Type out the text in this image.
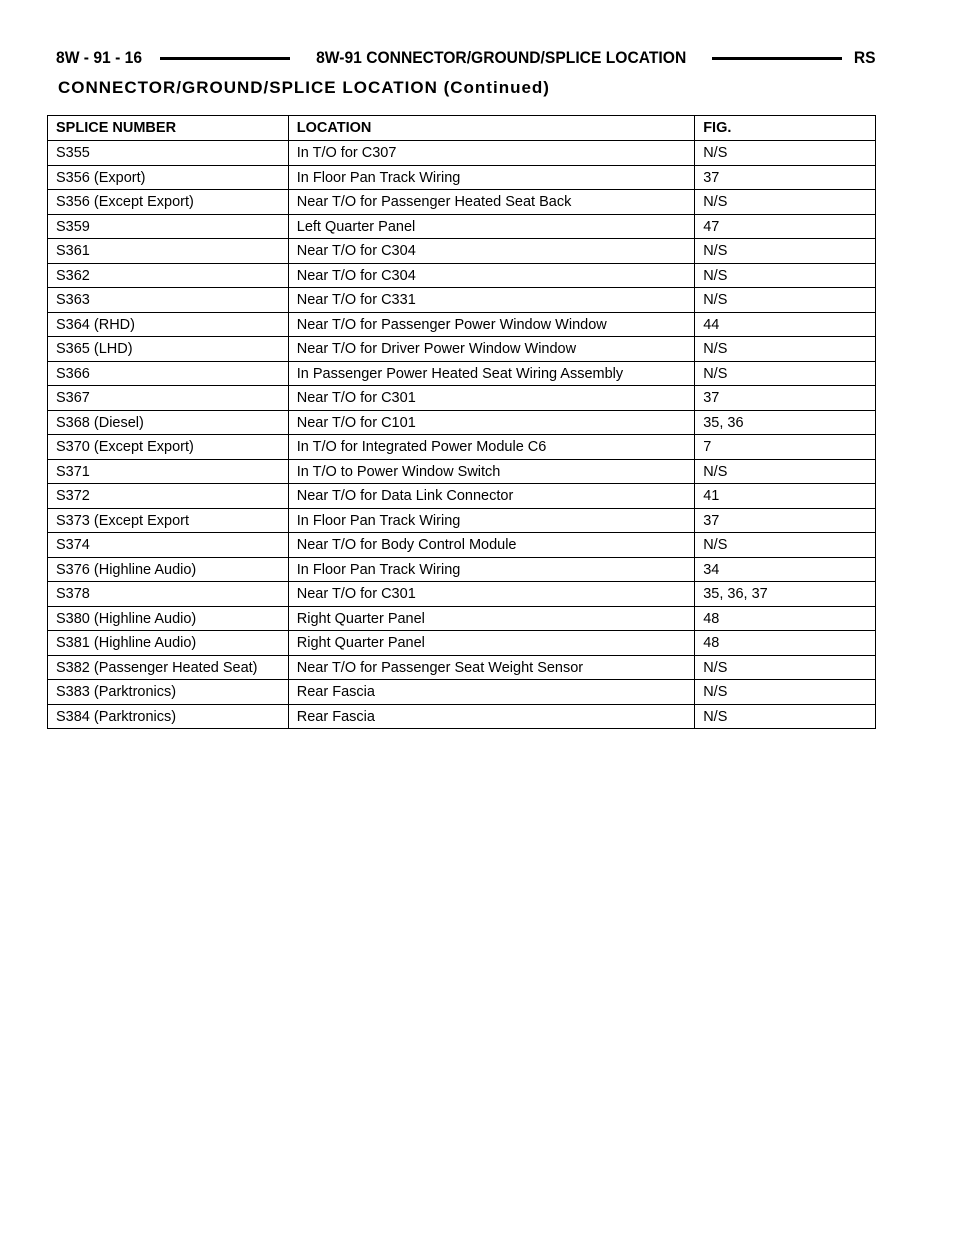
8W - 91 - 16	8W-91 CONNECTOR/GROUND/SPLICE LOCATION	RS
CONNECTOR/GROUND/SPLICE LOCATION (Continued)
SPLICE NUMBER	LOCATION	FIG.
S355	In T/O for C307	N/S
S356 (Export)	In Floor Pan Track Wiring	37
S356 (Except Export)	Near T/O for Passenger Heated Seat Back	N/S
S359	Left Quarter Panel	47
S361	Near T/O for C304	N/S
S362	Near T/O for C304	N/S
S363	Near T/O for C331	N/S
S364 (RHD)	Near T/O for Passenger Power Window Window	44
S365 (LHD)	Near T/O for Driver Power Window Window	N/S
S366	In Passenger Power Heated Seat Wiring Assembly	N/S
S367	Near T/O for C301	37
S368 (Diesel)	Near T/O for C101	35, 36
S370 (Except Export)	In T/O for Integrated Power Module C6	7
S371	In T/O to Power Window Switch	N/S
S372	Near T/O for Data Link Connector	41
S373 (Except Export	In Floor Pan Track Wiring	37
S374	Near T/O for Body Control Module	N/S
S376 (Highline Audio)	In Floor Pan Track Wiring	34
S378	Near T/O for C301	35, 36, 37
S380 (Highline Audio)	Right Quarter Panel	48
S381 (Highline Audio)	Right Quarter Panel	48
S382 (Passenger Heated Seat)	Near T/O for Passenger Seat Weight Sensor	N/S
S383 (Parktronics)	Rear Fascia	N/S
S384 (Parktronics)	Rear Fascia	N/S
